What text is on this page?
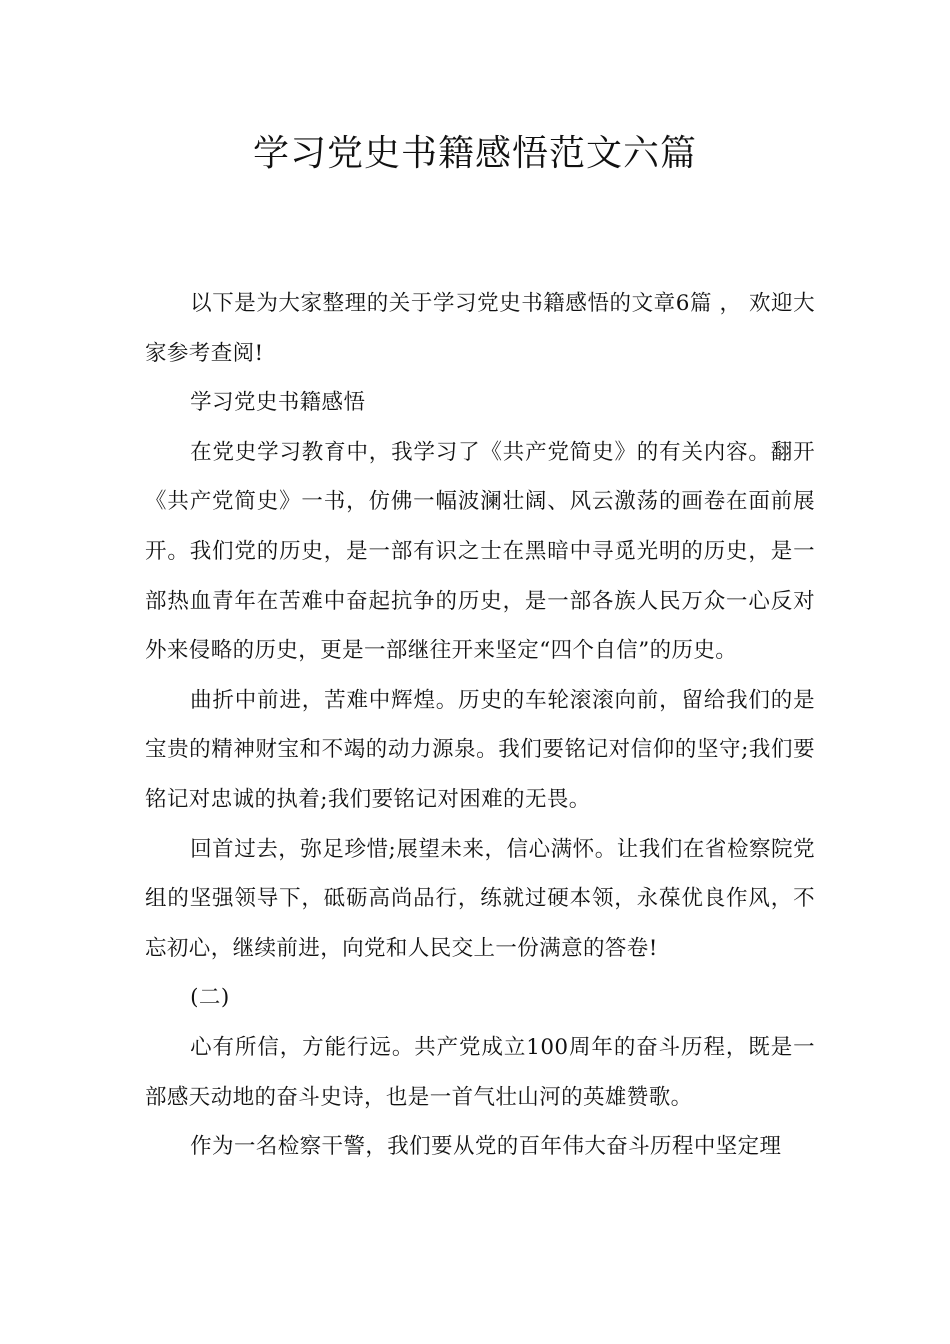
学习党史书籍感悟范文六篇

以下是为大家整理的关于学习党史书籍感悟的文章6篇 ， 欢迎大家参考查阅!

学习党史书籍感悟

在党史学习教育中，我学习了《共产党简史》的有关内容。翻开《共产党简史》一书，仿佛一幅波澜壮阔、风云激荡的画卷在面前展开。我们党的历史，是一部有识之士在黑暗中寻觅光明的历史，是一部热血青年在苦难中奋起抗争的历史，是一部各族人民万众一心反对外来侵略的历史，更是一部继往开来坚定“四个自信”的历史。

曲折中前进，苦难中辉煌。历史的车轮滚滚向前，留给我们的是宝贵的精神财宝和不竭的动力源泉。我们要铭记对信仰的坚守;我们要铭记对忠诚的执着;我们要铭记对困难的无畏。

回首过去，弥足珍惜;展望未来，信心满怀。让我们在省检察院党组的坚强领导下，砥砺高尚品行，练就过硬本领，永葆优良作风，不忘初心，继续前进，向党和人民交上一份满意的答卷!

(二)

心有所信，方能行远。共产党成立100周年的奋斗历程，既是一部感天动地的奋斗史诗，也是一首气壮山河的英雄赞歌。

作为一名检察干警，我们要从党的百年伟大奋斗历程中坚定理
